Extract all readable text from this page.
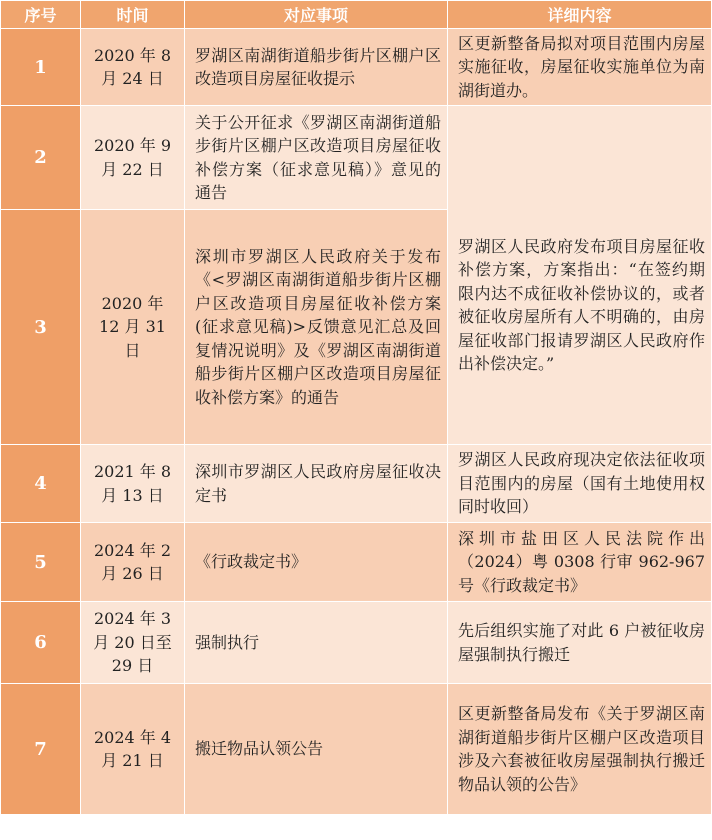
序号	时间	对应事项	详细内容
1	2020 年 8 月 24 日	罗湖区南湖街道船步街片区棚户区改造项目房屋征收提示	区更新整备局拟对项目范围内房屋实施征收，房屋征收实施单位为南湖街道办。

2	2020 年 9 月 22 日	关于公开征求《罗湖区南湖街道船步街片区棚户区改造项目房屋征收补偿方案（征求意见稿）》意见的通告	罗湖区人民政府发布项目房屋征收补偿方案，方案指出：“在签约期限内达不成征收补偿协议的，或者被征收房屋所有人不明确的，由房屋征收部门报请罗湖区人民政府作出补偿决定。”

3	2020 年 12 月 31 日	深圳市罗湖区人民政府关于发布《<罗湖区南湖街道船步街片区棚户区改造项目房屋征收补偿方案(征求意见稿)>反馈意见汇总及回复情况说明》及《罗湖区南湖街道船步街片区棚户区改造项目房屋征收补偿方案》的通告	

4	2021 年 8 月 13 日	深圳市罗湖区人民政府房屋征收决定书	罗湖区人民政府现决定依法征收项目范围内的房屋（国有土地使用权同时收回）

5	2024 年 2 月 26 日	《行政裁定书》	深圳市盐田区人民法院作出（2024）粤 0308 行审 962-967 号《行政裁定书》

6	2024 年 3 月 20 日至 29 日	强制执行	先后组织实施了对此 6 户被征收房屋强制执行搬迁

7	2024 年 4 月 21 日	搬迁物品认领公告	区更新整备局发布《关于罗湖区南湖街道船步街片区棚户区改造项目涉及六套被征收房屋强制执行搬迁物品认领的公告》
